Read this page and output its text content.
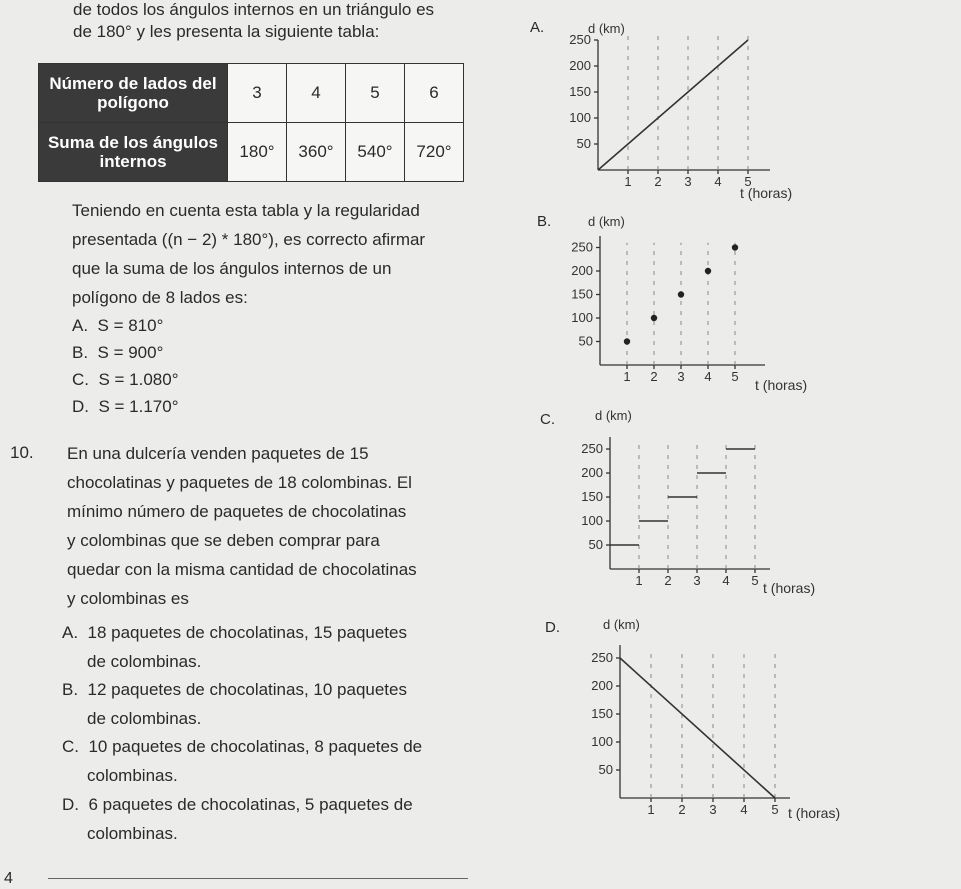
de todos los ángulos internos en un triángulo es
de 180° y les presenta la siguiente tabla:
Número de lados del polígono	3	4	5	6
Suma de los ángulos internos	180°	360°	540°	720°
Teniendo en cuenta esta tabla y la regularidad
presentada ((n − 2) * 180°), es correcto afirmar
que la suma de los ángulos internos de un
polígono de 8 lados es:
A. S = 810°
B. S = 900°
C. S = 1.080°
D. S = 1.170°
10. En una dulcería venden paquetes de 15
chocolatinas y paquetes de 18 colombinas. El
mínimo número de paquetes de chocolatinas
y colombinas que se deben comprar para
quedar con la misma cantidad de chocolatinas
y colombinas es
A. 18 paquetes de chocolatinas, 15 paquetes
de colombinas.
B. 12 paquetes de chocolatinas, 10 paquetes
de colombinas.
C. 10 paquetes de chocolatinas, 8 paquetes de
colombinas.
D. 6 paquetes de chocolatinas, 5 paquetes de
colombinas.
4
A.
B.
C.
D.
d (km)
t (horas)
50
100
150
200
250
1 2 3 4 5
d (km)
t (horas)
50
100
150
200
250
1 2 3 4 5
d (km)
t (horas)
50
100
150
200
250
1 2 3 4 5
d (km)
t (horas)
50
100
150
200
250
1 2 3 4 5
